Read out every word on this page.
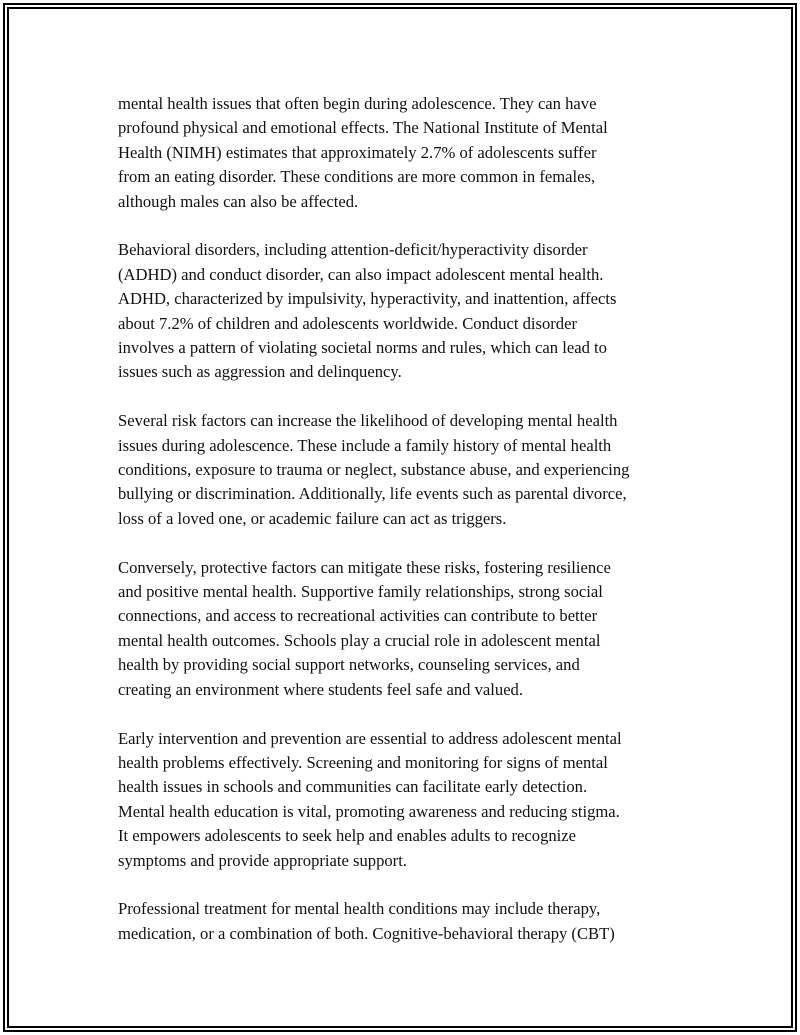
mental health issues that often begin during adolescence. They can have
profound physical and emotional effects. The National Institute of Mental
Health (NIMH) estimates that approximately 2.7% of adolescents suffer
from an eating disorder. These conditions are more common in females,
although males can also be affected.

Behavioral disorders, including attention-deficit/hyperactivity disorder
(ADHD) and conduct disorder, can also impact adolescent mental health.
ADHD, characterized by impulsivity, hyperactivity, and inattention, affects
about 7.2% of children and adolescents worldwide. Conduct disorder
involves a pattern of violating societal norms and rules, which can lead to
issues such as aggression and delinquency.

Several risk factors can increase the likelihood of developing mental health
issues during adolescence. These include a family history of mental health
conditions, exposure to trauma or neglect, substance abuse, and experiencing
bullying or discrimination. Additionally, life events such as parental divorce,
loss of a loved one, or academic failure can act as triggers.

Conversely, protective factors can mitigate these risks, fostering resilience
and positive mental health. Supportive family relationships, strong social
connections, and access to recreational activities can contribute to better
mental health outcomes. Schools play a crucial role in adolescent mental
health by providing social support networks, counseling services, and
creating an environment where students feel safe and valued.

Early intervention and prevention are essential to address adolescent mental
health problems effectively. Screening and monitoring for signs of mental
health issues in schools and communities can facilitate early detection.
Mental health education is vital, promoting awareness and reducing stigma.
It empowers adolescents to seek help and enables adults to recognize
symptoms and provide appropriate support.

Professional treatment for mental health conditions may include therapy,
medication, or a combination of both. Cognitive-behavioral therapy (CBT)
